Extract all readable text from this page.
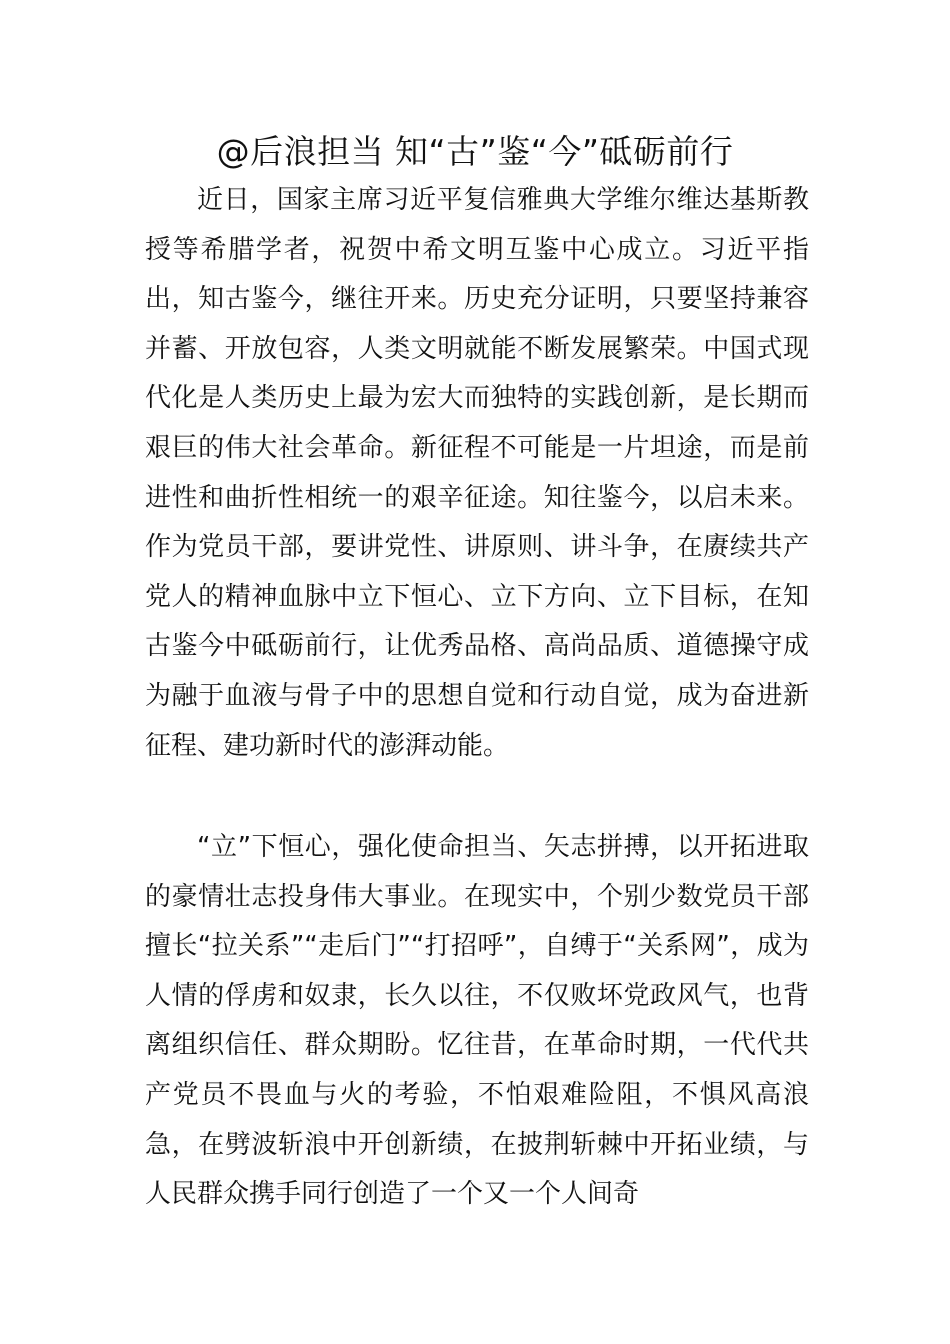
@后浪担当 知“古”鉴“今”砥砺前行

近日，国家主席习近平复信雅典大学维尔维达基斯教授等希腊学者，祝贺中希文明互鉴中心成立。习近平指出，知古鉴今，继往开来。历史充分证明，只要坚持兼容并蓄、开放包容，人类文明就能不断发展繁荣。中国式现代化是人类历史上最为宏大而独特的实践创新，是长期而艰巨的伟大社会革命。新征程不可能是一片坦途，而是前进性和曲折性相统一的艰辛征途。知往鉴今，以启未来。作为党员干部，要讲党性、讲原则、讲斗争，在赓续共产党人的精神血脉中立下恒心、立下方向、立下目标，在知古鉴今中砥砺前行，让优秀品格、高尚品质、道德操守成为融于血液与骨子中的思想自觉和行动自觉，成为奋进新征程、建功新时代的澎湃动能。

“立”下恒心，强化使命担当、矢志拼搏，以开拓进取的豪情壮志投身伟大事业。在现实中，个别少数党员干部擅长“拉关系”“走后门”“打招呼”，自缚于“关系网”，成为人情的俘虏和奴隶，长久以往，不仅败坏党政风气，也背离组织信任、群众期盼。忆往昔，在革命时期，一代代共产党员不畏血与火的考验，不怕艰难险阻，不惧风高浪急，在劈波斩浪中开创新绩，在披荆斩棘中开拓业绩，与人民群众携手同行创造了一个又一个人间奇
